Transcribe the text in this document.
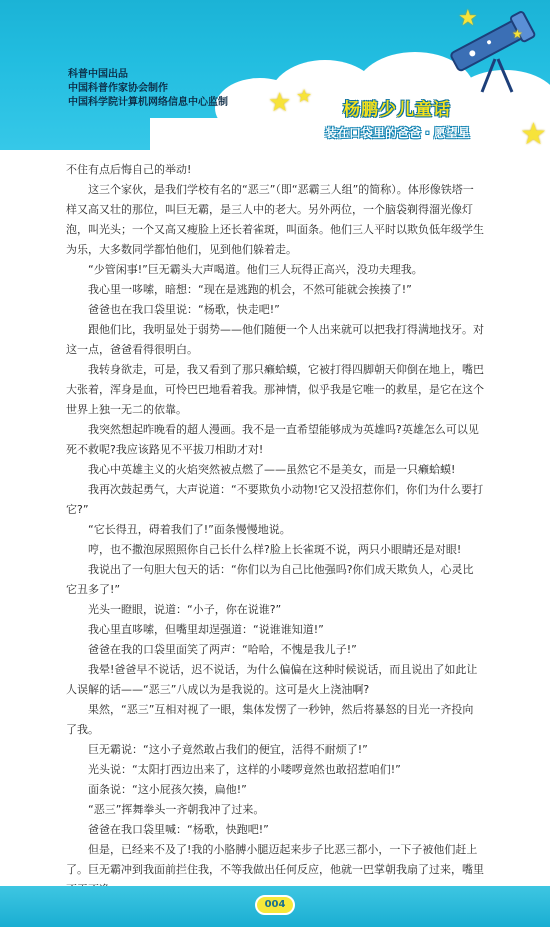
★
★
★ ★
★
科普中国出品
中国科普作家协会制作
中国科学院计算机网络信息中心监制	杨鹏少儿童话
装在口袋里的爸爸 · 愿望星

不住有点后悔自己的举动!

这三个家伙，是我们学校有名的“恶三”（即“恶霸三人组”的简称）。体形像铁塔一样又高又壮的那位，叫巨无霸，是三人中的老大。另外两位，一个脑袋剃得溜光像灯泡，叫光头；一个又高又瘦脸上还长着雀斑，叫面条。他们三人平时以欺负低年级学生为乐，大多数同学都怕他们，见到他们躲着走。

“少管闲事!”巨无霸头大声喝道。他们三人玩得正高兴，没功夫理我。

我心里一哆嗦，暗想：“现在是逃跑的机会，不然可能就会挨揍了!”

爸爸也在我口袋里说：“杨歌，快走吧!”

跟他们比，我明显处于弱势——他们随便一个人出来就可以把我打得满地找牙。对这一点，爸爸看得很明白。

我转身欲走，可是，我又看到了那只癞蛤蟆，它被打得四脚朝天仰倒在地上，嘴巴大张着，浑身是血，可怜巴巴地看着我。那神情，似乎我是它唯一的救星，是它在这个世界上独一无二的依靠。

我突然想起昨晚看的超人漫画。我不是一直希望能够成为英雄吗?英雄怎么可以见死不救呢?我应该路见不平拔刀相助才对!

我心中英雄主义的火焰突然被点燃了——虽然它不是美女，而是一只癞蛤蟆!

我再次鼓起勇气，大声说道：“不要欺负小动物!它又没招惹你们，你们为什么要打它?”

“它长得丑，碍着我们了!”面条慢慢地说。

哼，也不撒泡尿照照你自己长什么样?脸上长雀斑不说，两只小眼睛还是对眼!

我说出了一句胆大包天的话：“你们以为自己比他强吗?你们成天欺负人，心灵比它丑多了!”

光头一瞪眼，说道：“小子，你在说谁?”

我心里直哆嗦，但嘴里却逞强道：“说谁谁知道!”

爸爸在我的口袋里面笑了两声：“哈哈，不愧是我儿子!”

我晕!爸爸早不说话，迟不说话，为什么偏偏在这种时候说话，而且说出了如此让人误解的话——“恶三”八成以为是我说的。这可是火上浇油啊?

果然，“恶三”互相对视了一眼，集体发愣了一秒钟，然后将暴怒的目光一齐投向了我。

巨无霸说：“这小子竟然敢占我们的便宜，活得不耐烦了!”

光头说：“太阳打西边出来了，这样的小喽啰竟然也敢招惹咱们!”

面条说：“这小屁孩欠揍，扁他!”

“恶三”挥舞拳头一齐朝我冲了过来。

爸爸在我口袋里喊：“杨歌，快跑吧!”

但是，已经来不及了!我的小胳膊小腿迈起来步子比恶三都小，一下子被他们赶上了。巨无霸冲到我面前拦住我，不等我做出任何反应，他就一巴掌朝我扇了过来，嘴里

004
